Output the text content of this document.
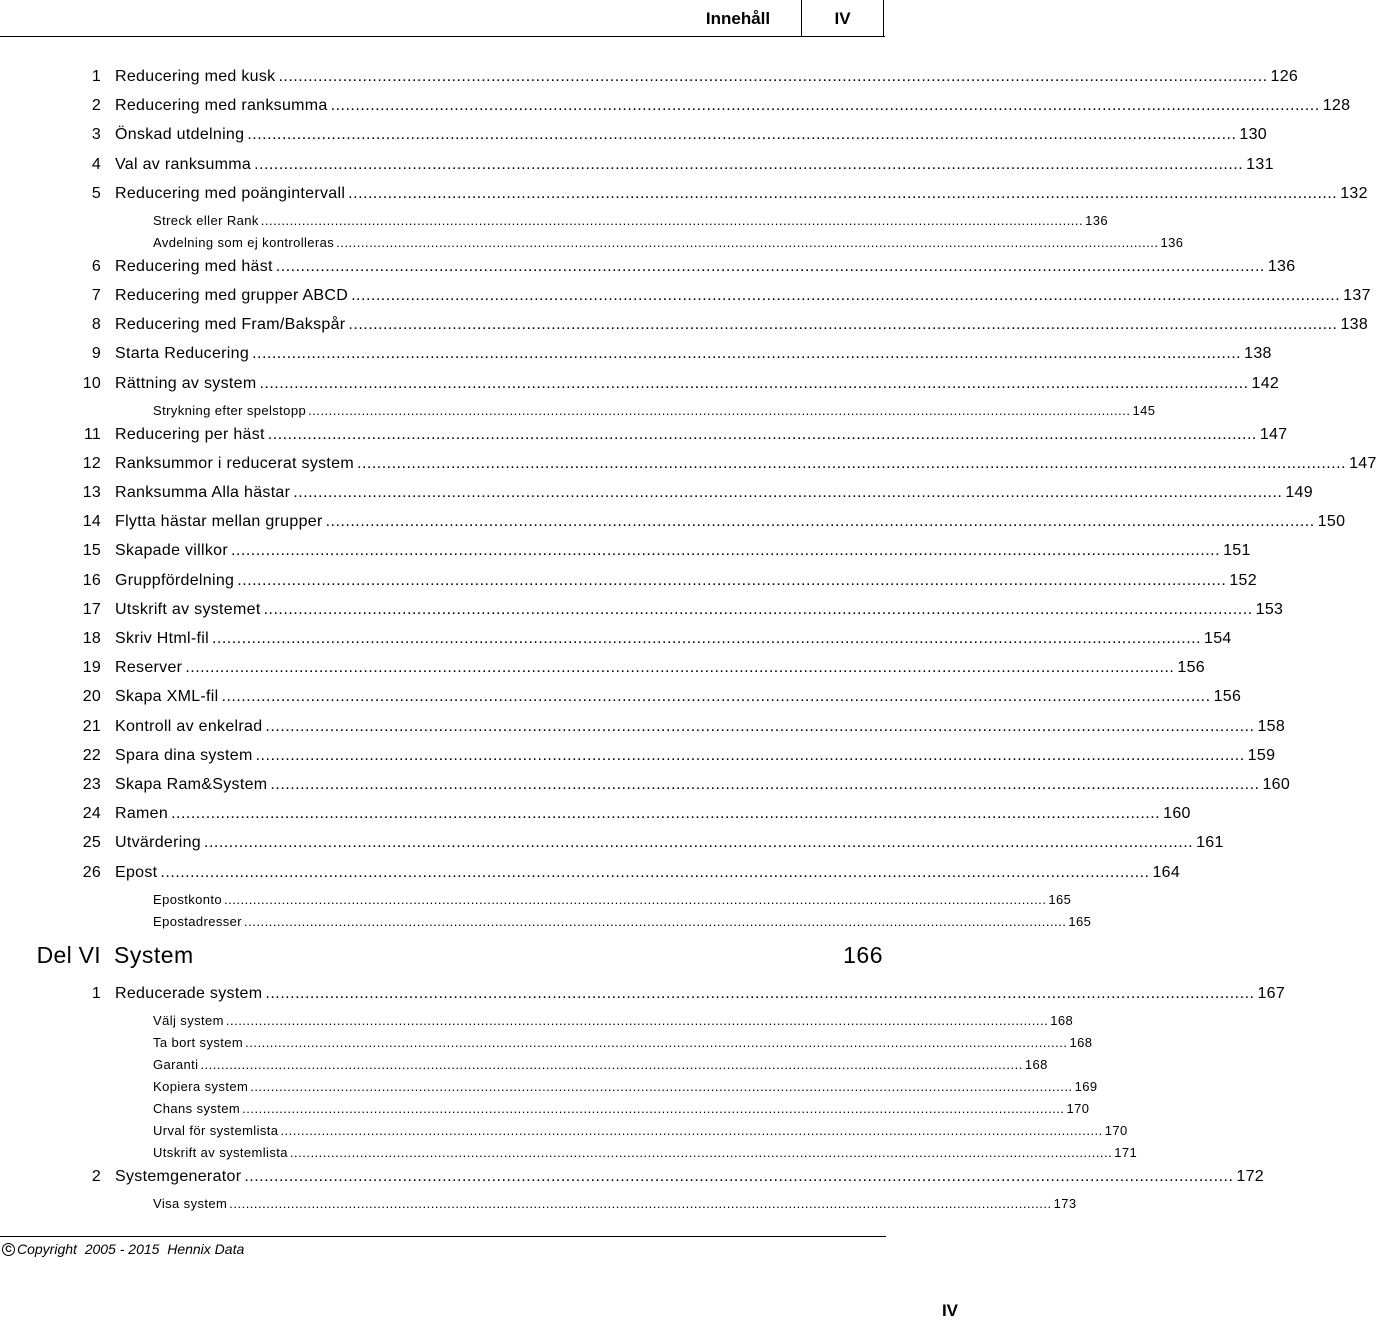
Innehåll	IV
1 Reducering med kusk ........................................................................................................................................................................................................ 126
2 Reducering med ranksumma ........................................................................................................................................................................................................ 128
3 Önskad utdelning ........................................................................................................................................................................................................ 130
4 Val av ranksumma ........................................................................................................................................................................................................ 131
5 Reducering med poängintervall ........................................................................................................................................................................................................ 132
Streck eller Rank ........................................................................................................................................................................................................ 136
Avdelning som ej kontrolleras ........................................................................................................................................................................................................ 136
6 Reducering med häst ........................................................................................................................................................................................................ 136
7 Reducering med grupper ABCD ........................................................................................................................................................................................................ 137
8 Reducering med Fram/Bakspår ........................................................................................................................................................................................................ 138
9 Starta Reducering ........................................................................................................................................................................................................ 138
10 Rättning av system ........................................................................................................................................................................................................ 142
Strykning efter spelstopp ........................................................................................................................................................................................................ 145
11 Reducering per häst ........................................................................................................................................................................................................ 147
12 Ranksummor i reducerat system ........................................................................................................................................................................................................ 147
13 Ranksumma Alla hästar ........................................................................................................................................................................................................ 149
14 Flytta hästar mellan grupper ........................................................................................................................................................................................................ 150
15 Skapade villkor ........................................................................................................................................................................................................ 151
16 Gruppfördelning ........................................................................................................................................................................................................ 152
17 Utskrift av systemet ........................................................................................................................................................................................................ 153
18 Skriv Html-fil ........................................................................................................................................................................................................ 154
19 Reserver ........................................................................................................................................................................................................ 156
20 Skapa XML-fil ........................................................................................................................................................................................................ 156
21 Kontroll av enkelrad ........................................................................................................................................................................................................ 158
22 Spara dina system ........................................................................................................................................................................................................ 159
23 Skapa Ram&System ........................................................................................................................................................................................................ 160
24 Ramen ........................................................................................................................................................................................................ 160
25 Utvärdering ........................................................................................................................................................................................................ 161
26 Epost ........................................................................................................................................................................................................ 164
Epostkonto ........................................................................................................................................................................................................ 165
Epostadresser ........................................................................................................................................................................................................ 165
1 Reducerade system ........................................................................................................................................................................................................ 167
Välj system ........................................................................................................................................................................................................ 168
Ta bort system ........................................................................................................................................................................................................ 168
Garanti ........................................................................................................................................................................................................ 168
Kopiera system ........................................................................................................................................................................................................ 169
Chans system ........................................................................................................................................................................................................ 170
Urval för systemlista ........................................................................................................................................................................................................ 170
Utskrift av systemlista ........................................................................................................................................................................................................ 171
2 Systemgenerator ........................................................................................................................................................................................................ 172
Visa system ........................................................................................................................................................................................................ 173
Del VI System	166
C Copyright  2005 - 2015  Hennix Data
IV
